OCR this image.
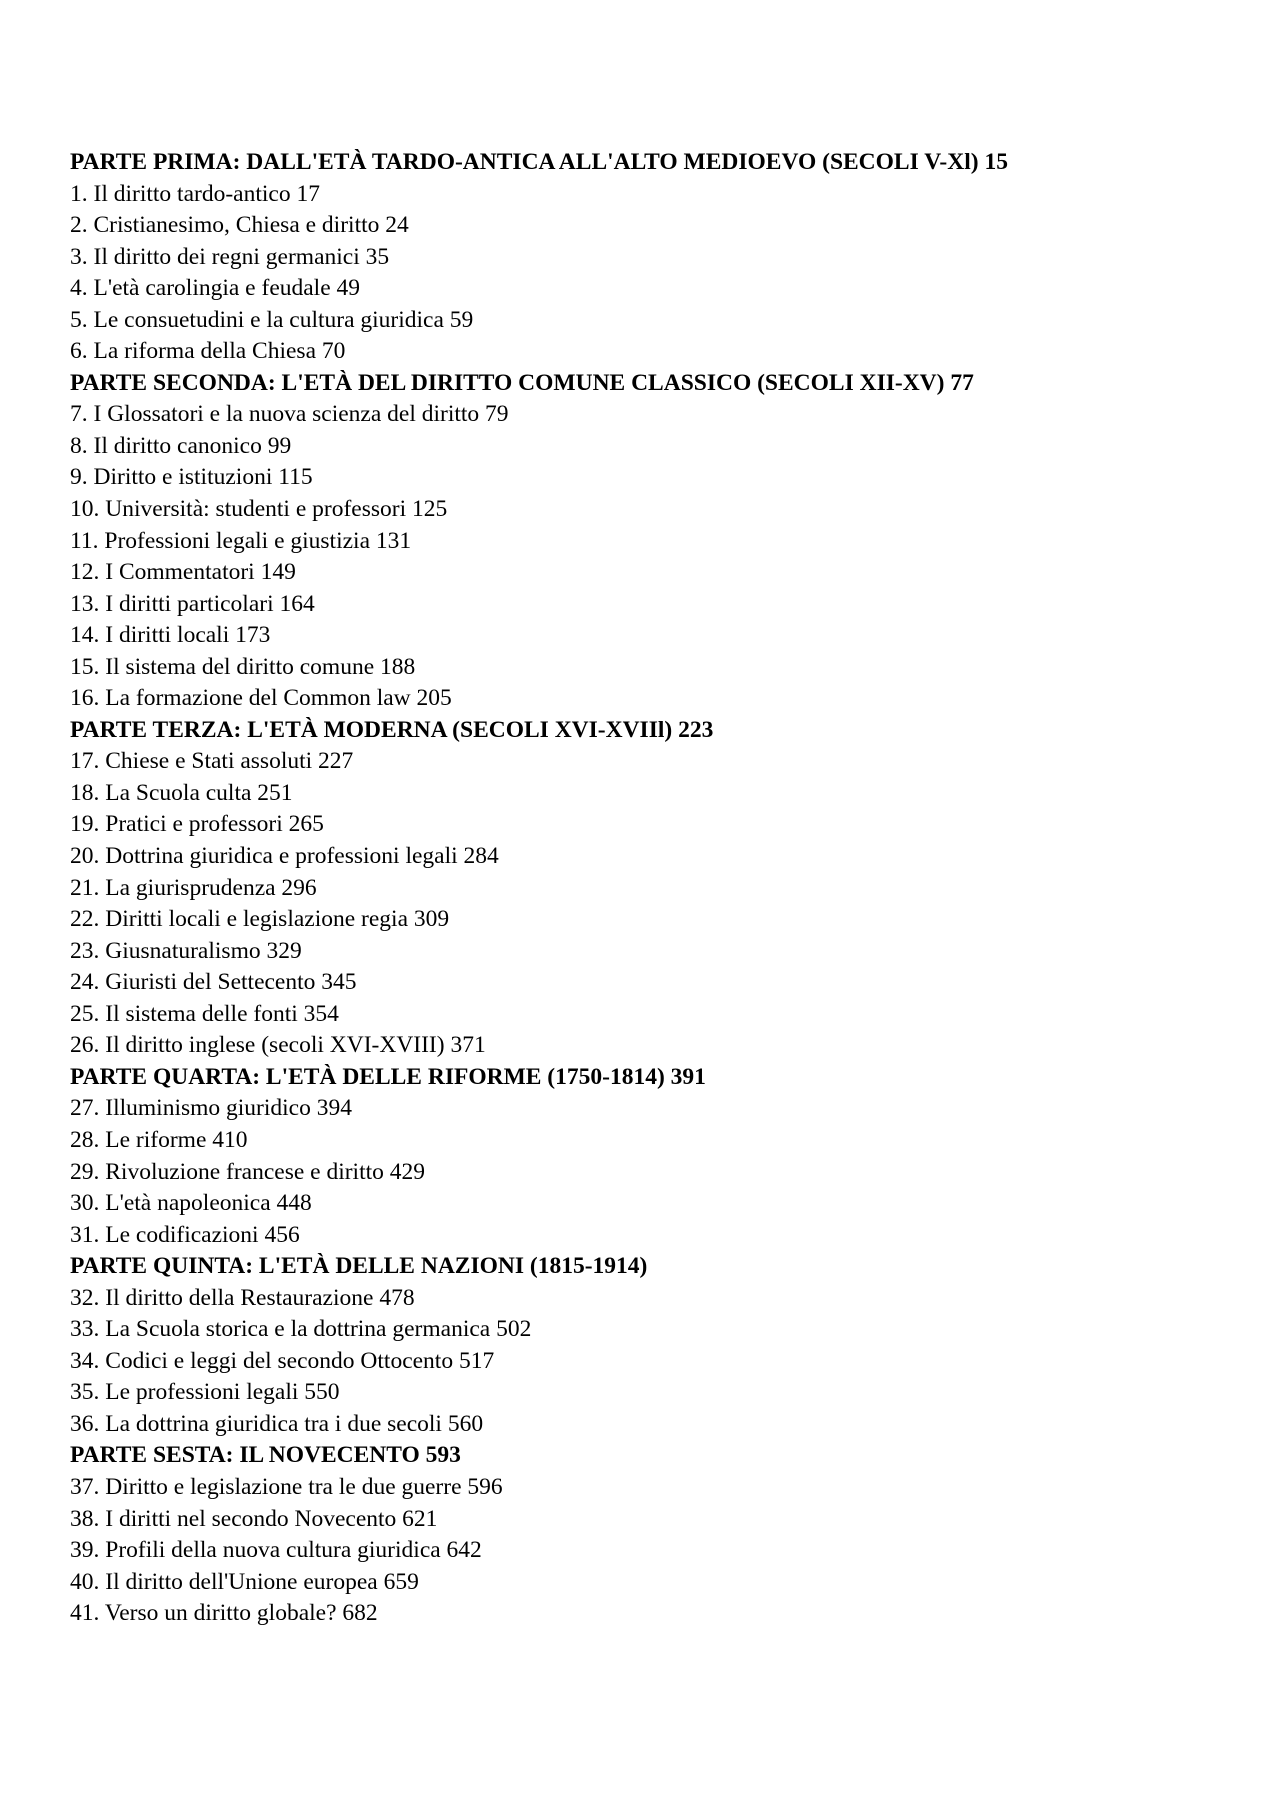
PARTE PRIMA: DALL'ETÀ TARDO-ANTICA ALL'ALTO MEDIOEVO (SECOLI V-Xl) 15
1. Il diritto tardo-antico 17
2. Cristianesimo, Chiesa e diritto 24
3. Il diritto dei regni germanici 35
4. L'età carolingia e feudale 49
5. Le consuetudini e la cultura giuridica 59
6. La riforma della Chiesa 70
PARTE SECONDA: L'ETÀ DEL DIRITTO COMUNE CLASSICO (SECOLI XII-XV) 77
7. I Glossatori e la nuova scienza del diritto 79
8. Il diritto canonico 99
9. Diritto e istituzioni 115
10. Università: studenti e professori 125
11. Professioni legali e giustizia 131
12. I Commentatori 149
13. I diritti particolari 164
14. I diritti locali 173
15. Il sistema del diritto comune 188
16. La formazione del Common law 205
PARTE TERZA: L'ETÀ MODERNA (SECOLI XVI-XVIIl) 223
17. Chiese e Stati assoluti 227
18. La Scuola culta 251
19. Pratici e professori 265
20. Dottrina giuridica e professioni legali 284
21. La giurisprudenza 296
22. Diritti locali e legislazione regia 309
23. Giusnaturalismo 329
24. Giuristi del Settecento 345
25. Il sistema delle fonti 354
26. Il diritto inglese (secoli XVI-XVIII) 371
PARTE QUARTA: L'ETÀ DELLE RIFORME (1750-1814) 391
27. Illuminismo giuridico 394
28. Le riforme 410
29. Rivoluzione francese e diritto 429
30. L'età napoleonica 448
31. Le codificazioni 456
PARTE QUINTA: L'ETÀ DELLE NAZIONI (1815-1914)
32. Il diritto della Restaurazione 478
33. La Scuola storica e la dottrina germanica 502
34. Codici e leggi del secondo Ottocento 517
35. Le professioni legali 550
36. La dottrina giuridica tra i due secoli 560
PARTE SESTA: IL NOVECENTO 593
37. Diritto e legislazione tra le due guerre 596
38. I diritti nel secondo Novecento 621
39. Profili della nuova cultura giuridica 642
40. Il diritto dell'Unione europea 659
41. Verso un diritto globale? 682
